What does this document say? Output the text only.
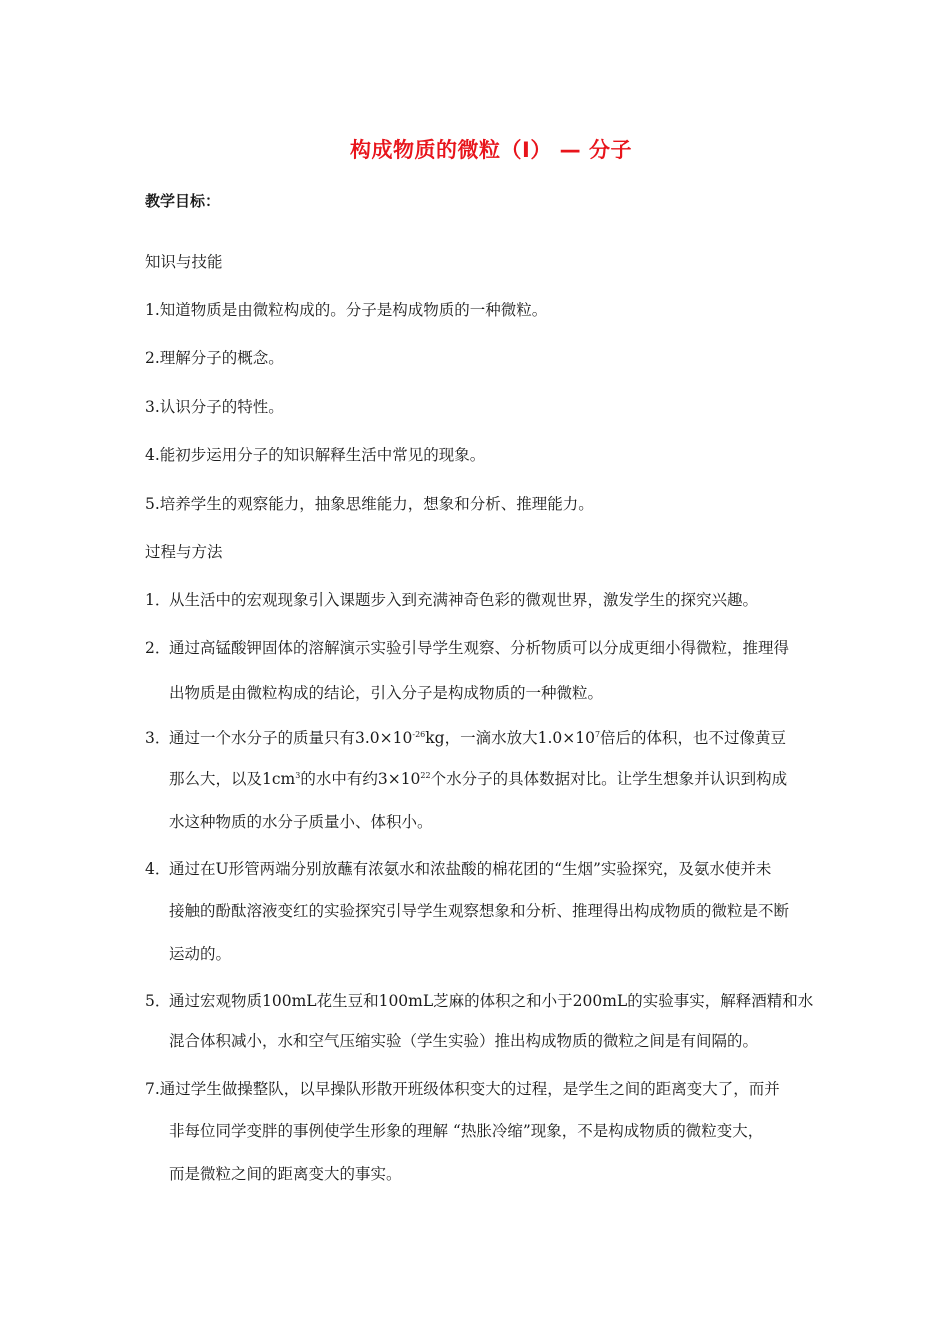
构成物质的微粒（Ⅰ） — 分子
教学目标：
知识与技能
1.知道物质是由微粒构成的。分子是构成物质的一种微粒。
2.理解分子的概念。
3.认识分子的特性。
4.能初步运用分子的知识解释生活中常见的现象。
5.培养学生的观察能力，抽象思维能力，想象和分析、推理能力。
过程与方法
1．从生活中的宏观现象引入课题步入到充满神奇色彩的微观世界，激发学生的探究兴趣。
2．通过高锰酸钾固体的溶解演示实验引导学生观察、分析物质可以分成更细小得微粒，推理得
出物质是由微粒构成的结论，引入分子是构成物质的一种微粒。
3．通过一个水分子的质量只有$3.0\times 10^{-26}kg$，一滴水放大$1.0\times 10^7$倍后的体积，也不过像黄豆
那么大，以及$1cm^3$的水中有约$3\times 10^{22}$个水分子的具体数据对比。让学生想象并认识到构成
水这种物质的水分子质量小、体积小。
4．通过在U形管两端分别放蘸有浓氨水和浓盐酸的棉花团的“生烟”实验探究，及氨水使并未
接触的酚酞溶液变红的实验探究引导学生观察想象和分析、推理得出构成物质的微粒是不断
运动的。
5．通过宏观物质100mL花生豆和100mL芝麻的体积之和小于200mL的实验事实，解释酒精和水
混合体积减小，水和空气压缩实验（学生实验）推出构成物质的微粒之间是有间隔的。
7.通过学生做操整队，以早操队形散开班级体积变大的过程，是学生之间的距离变大了，而并
非每位同学变胖的事例使学生形象的理解 “热胀冷缩”现象，不是构成物质的微粒变大，
而是微粒之间的距离变大的事实。
